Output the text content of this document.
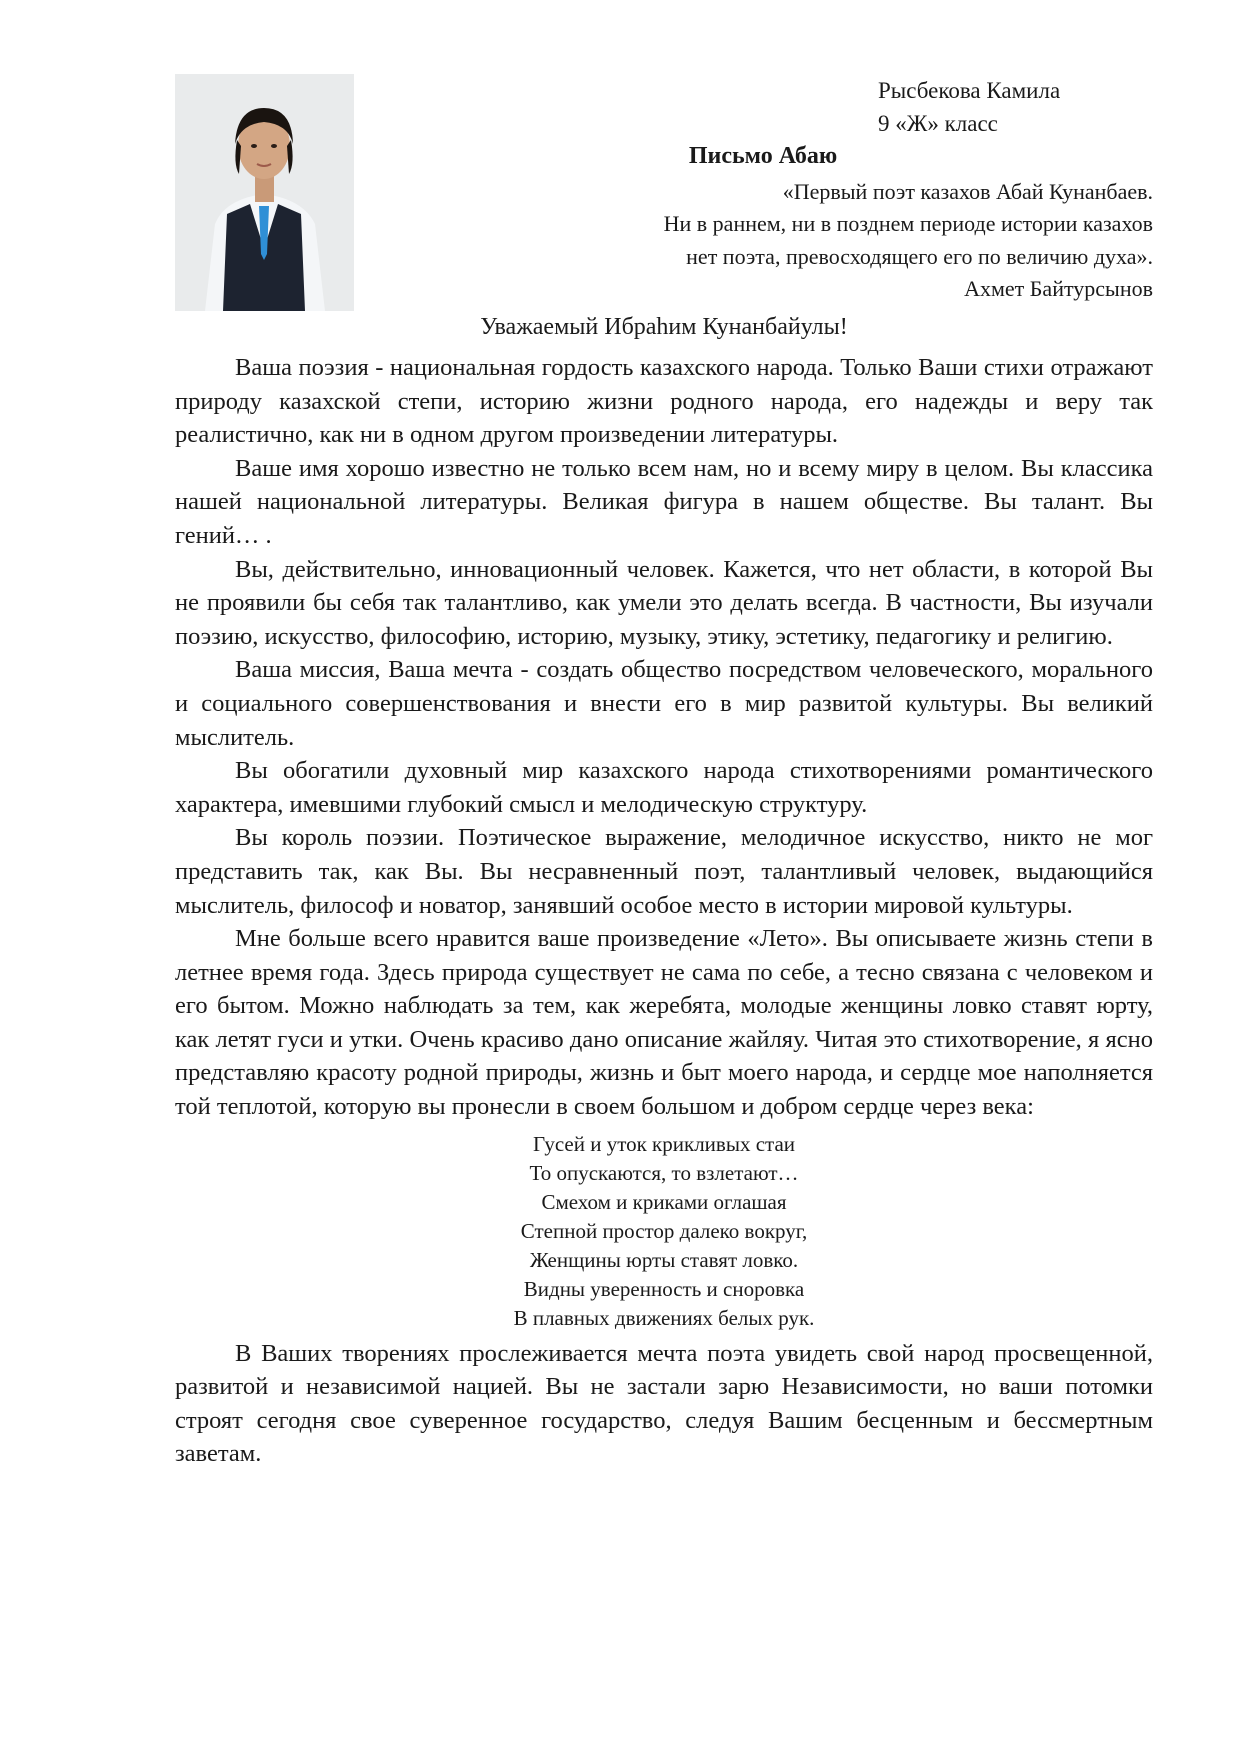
Рысбекова Камила
9 «Ж» класс
Письмо Абаю
«Первый поэт казахов Абай Кунанбаев.
Ни в раннем, ни в позднем периоде истории казахов
нет поэта, превосходящего его по величию духа».
Ахмет Байтурсынов
Уважаемый Ибраһим Кунанбайулы!

Ваша поэзия - национальная гордость казахского народа. Только Ваши стихи отражают природу казахской степи, историю жизни родного народа, его надежды и веру так реалистично, как ни в одном другом произведении литературы.

Ваше имя хорошо известно не только всем нам, но и всему миру в целом. Вы классика нашей национальной литературы. Великая фигура в нашем обществе. Вы талант. Вы гений… .

Вы, действительно, инновационный человек. Кажется, что нет области, в которой Вы не проявили бы себя так талантливо, как умели это делать всегда. В частности, Вы изучали поэзию, искусство, философию, историю, музыку, этику, эстетику, педагогику и религию.

Ваша миссия, Ваша мечта - создать общество посредством человеческого, морального и социального совершенствования и внести его в мир развитой культуры. Вы великий мыслитель.

Вы обогатили духовный мир казахского народа стихотворениями романтического характера, имевшими глубокий смысл и мелодическую структуру.

Вы король поэзии. Поэтическое выражение, мелодичное искусство, никто не мог представить так, как Вы. Вы несравненный поэт, талантливый человек, выдающийся мыслитель, философ и новатор, занявший особое место в истории мировой культуры.

Мне больше всего нравится ваше произведение «Лето». Вы описываете жизнь степи в летнее время года. Здесь природа существует не сама по себе, а тесно связана с человеком и его бытом. Можно наблюдать за тем, как жеребята, молодые женщины ловко ставят юрту, как летят гуси и утки. Очень красиво дано описание жайляу. Читая это стихотворение, я ясно представляю красоту родной природы, жизнь и быт моего народа, и сердце мое наполняется той теплотой, которую вы пронесли в своем большом и добром сердце через века:

Гусей и уток крикливых стаи
То опускаются, то взлетают…
Смехом и криками оглашая
Степной простор далеко вокруг,
Женщины юрты ставят ловко.
Видны уверенность и сноровка
В плавных движениях белых рук.

В Ваших творениях прослеживается мечта поэта увидеть свой народ просвещенной, развитой и независимой нацией. Вы не застали зарю Независимости, но ваши потомки строят сегодня свое суверенное государство, следуя Вашим бесценным и бессмертным заветам.
